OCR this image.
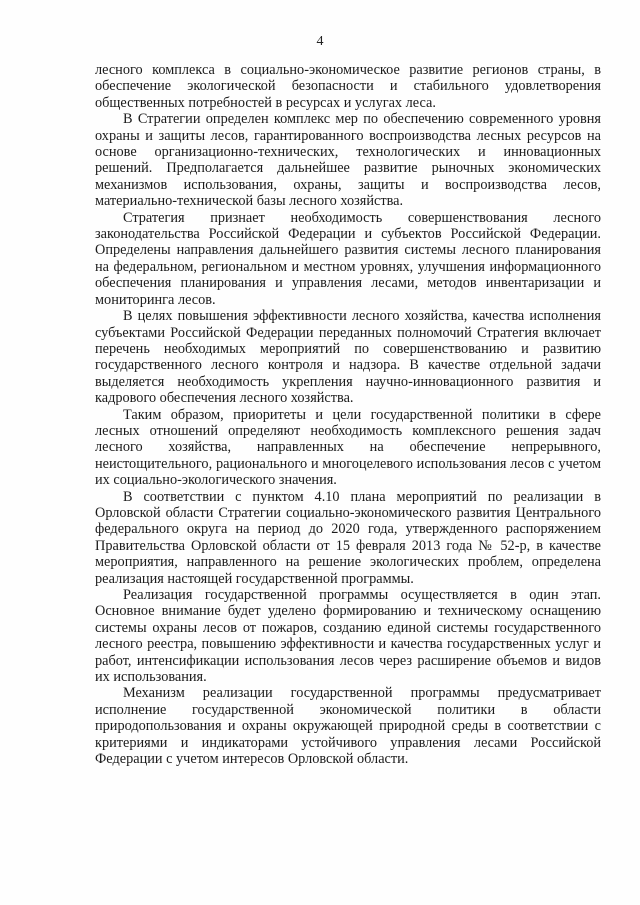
4

лесного комплекса в социально-экономическое развитие регионов страны, в обеспечение экологической безопасности и стабильного удовлетворения общественных потребностей в ресурсах и услугах леса.

В Стратегии определен комплекс мер по обеспечению современного уровня охраны и защиты лесов, гарантированного воспроизводства лесных ресурсов на основе организационно-технических, технологических и инновационных решений. Предполагается дальнейшее развитие рыночных экономических механизмов использования, охраны, защиты и воспроизводства лесов, материально-технической базы лесного хозяйства.

Стратегия признает необходимость совершенствования лесного законодательства Российской Федерации и субъектов Российской Федерации. Определены направления дальнейшего развития системы лесного планирования на федеральном, региональном и местном уровнях, улучшения информационного обеспечения планирования и управления лесами, методов инвентаризации и мониторинга лесов.

В целях повышения эффективности лесного хозяйства, качества исполнения субъектами Российской Федерации переданных полномочий Стратегия включает перечень необходимых мероприятий по совершенствованию и развитию государственного лесного контроля и надзора. В качестве отдельной задачи выделяется необходимость укрепления научно-инновационного развития и кадрового обеспечения лесного хозяйства.

Таким образом, приоритеты и цели государственной политики в сфере лесных отношений определяют необходимость комплексного решения задач лесного хозяйства, направленных на обеспечение непрерывного, неистощительного, рационального и многоцелевого использования лесов с учетом их социально-экологического значения.

В соответствии с пунктом 4.10 плана мероприятий по реализации в Орловской области Стратегии социально-экономического развития Центрального федерального округа на период до 2020 года, утвержденного распоряжением Правительства Орловской области от 15 февраля 2013 года № 52-р, в качестве мероприятия, направленного на решение экологических проблем, определена реализация настоящей государственной программы.

Реализация государственной программы осуществляется в один этап. Основное внимание будет уделено формированию и техническому оснащению системы охраны лесов от пожаров, созданию единой системы государственного лесного реестра, повышению эффективности и качества государственных услуг и работ, интенсификации использования лесов через расширение объемов и видов их использования.

Механизм реализации государственной программы предусматривает исполнение государственной экономической политики в области природопользования и охраны окружающей природной среды в соответствии с критериями и индикаторами устойчивого управления лесами Российской Федерации с учетом интересов Орловской области.
